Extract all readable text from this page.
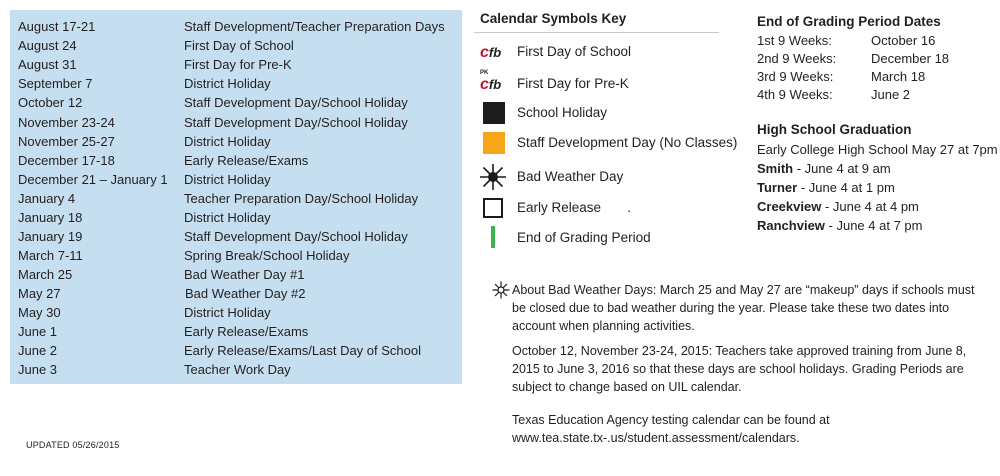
August 17-21	Staff Development/Teacher Preparation Days
August 24	First Day of School
August 31	First Day for Pre-K
September 7	District Holiday
October 12	Staff Development Day/School Holiday
November 23-24	Staff Development Day/School Holiday
November 25-27	District Holiday
December 17-18	Early Release/Exams
December 21 – January 1 District Holiday
January 4	Teacher Preparation Day/School Holiday
January 18	District Holiday
January 19	Staff Development Day/School Holiday
March 7-11	Spring Break/School Holiday
March 25	Bad Weather Day #1
May 27	Bad Weather Day #2
May 30	District Holiday
June 1	Early Release/Exams
June 2	Early Release/Exams/Last Day of School
June 3	Teacher Work Day
UPDATED 05/26/2015
Calendar Symbols Key
cfb First Day of School
PK
cfb First Day for Pre-K
School Holiday
Staff Development Day (No Classes)
Bad Weather Day
Early Release       .
End of Grading Period
End of Grading Period Dates
1st 9 Weeks:	October 16
2nd 9 Weeks:	December 18
3rd 9 Weeks:	March 18
4th 9 Weeks:	June 2
High School Graduation
Early College High School May 27 at 7pm
Smith - June 4 at 9 am
Turner - June 4 at 1 pm
Creekview - June 4 at 4 pm
Ranchview - June 4 at 7 pm
About Bad Weather Days: March 25 and May 27 are “makeup” days if schools must be closed due to bad weather during the year. Please take these two dates into account when planning activities.
October 12, November 23-24, 2015: Teachers take approved training from June 8, 2015 to June 3, 2016 so that these days are school holidays. Grading Periods are subject to change based on UIL calendar.
Texas Education Agency testing calendar can be found at www.tea.state.tx-.us/student.assessment/calendars.
